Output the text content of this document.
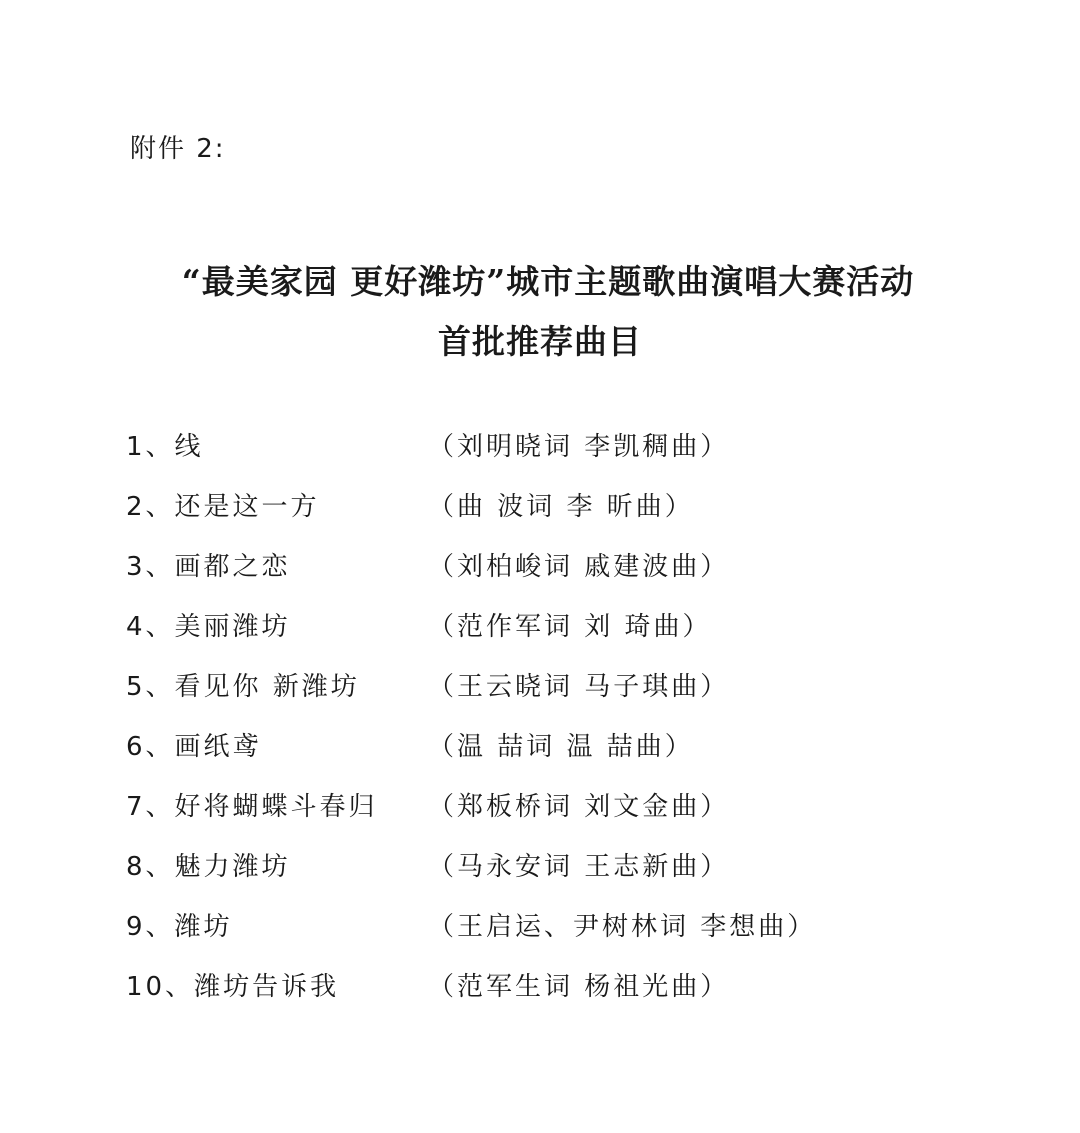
附件 2:
“最美家园 更好潍坊”城市主题歌曲演唱大赛活动
首批推荐曲目
1、线	（刘明晓词 李凯稠曲）
2、还是这一方	（曲 波词 李 昕曲）
3、画都之恋	（刘柏峻词 戚建波曲）
4、美丽潍坊	（范作军词 刘 琦曲）
5、看见你 新潍坊	（王云晓词 马子琪曲）
6、画纸鸢	（温 喆词 温 喆曲）
7、好将蝴蝶斗春归 （郑板桥词 刘文金曲）
8、魅力潍坊	（马永安词 王志新曲）
9、潍坊	（王启运、尹树林词 李想曲）
10、潍坊告诉我	（范军生词 杨祖光曲）
